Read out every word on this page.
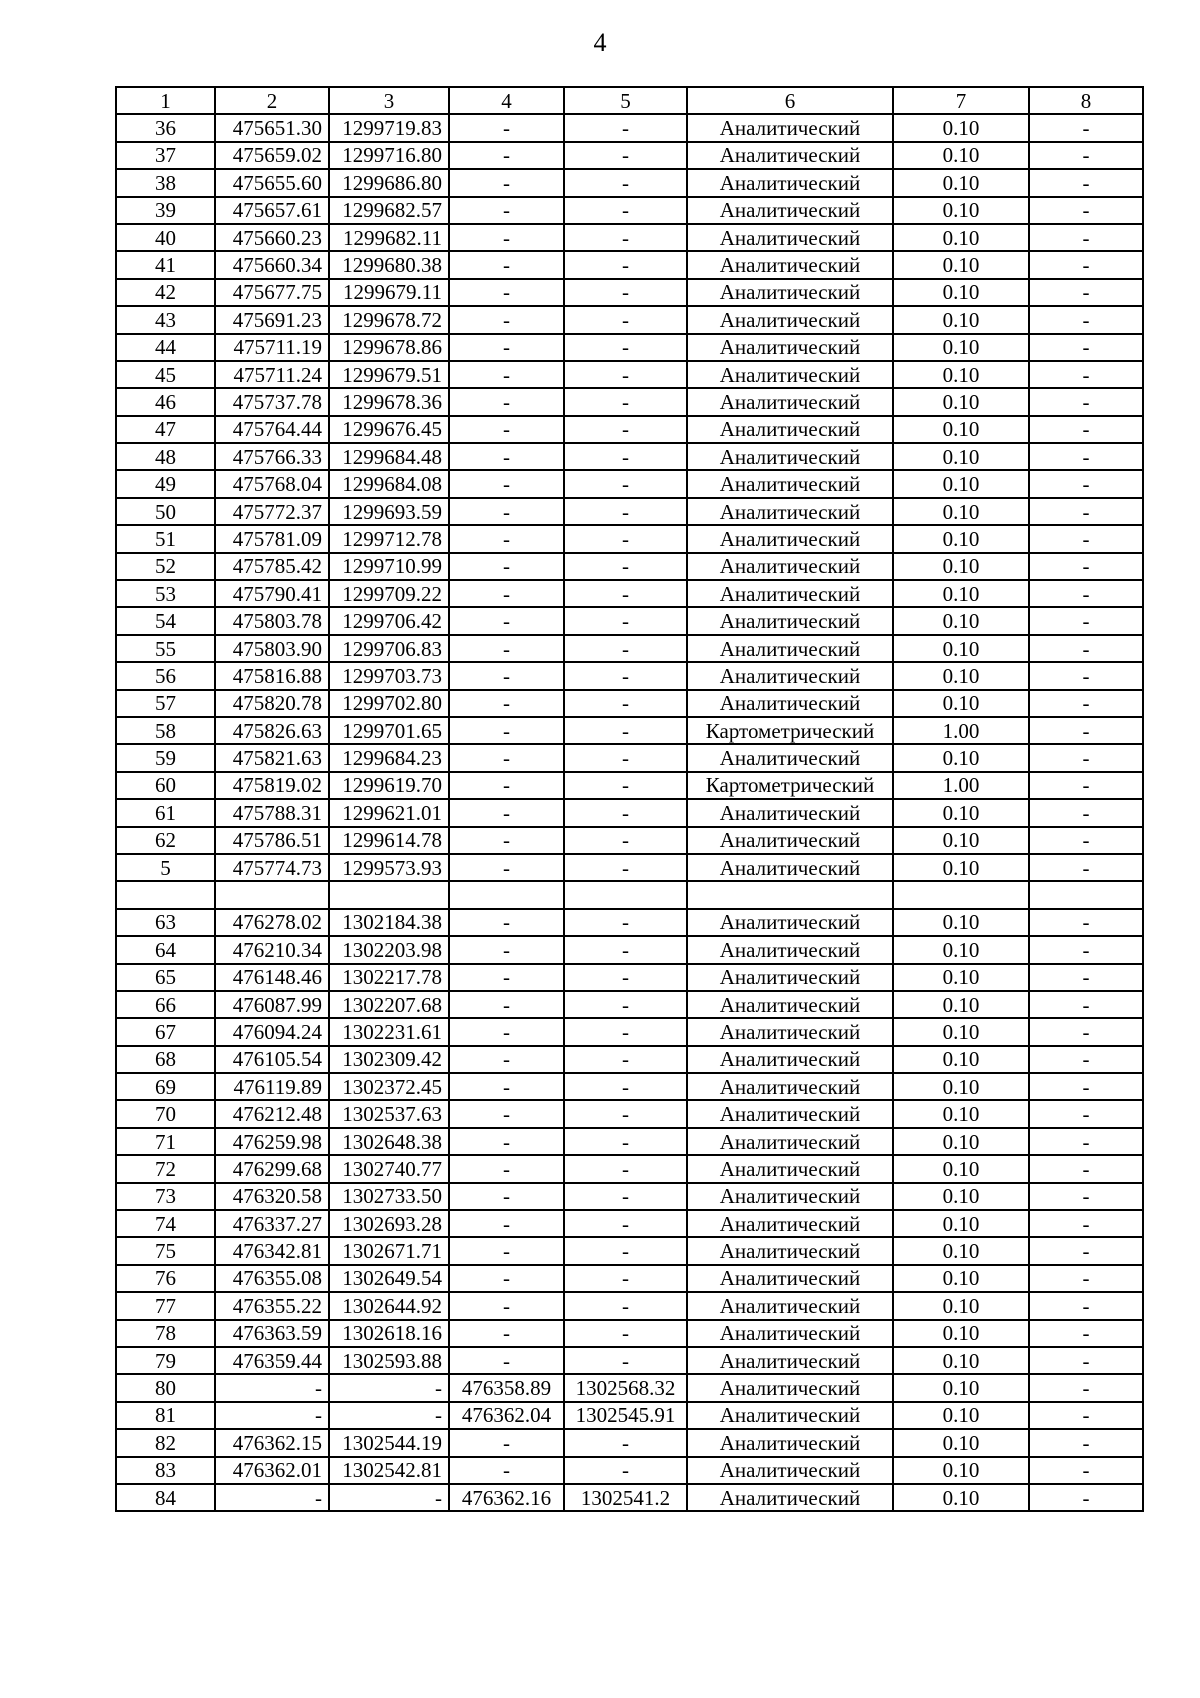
4
1	2	3	4	5	6	7	8
36	475651.30	1299719.83	-	-	Аналитический	0.10	-
37	475659.02	1299716.80	-	-	Аналитический	0.10	-
38	475655.60	1299686.80	-	-	Аналитический	0.10	-
39	475657.61	1299682.57	-	-	Аналитический	0.10	-
40	475660.23	1299682.11	-	-	Аналитический	0.10	-
41	475660.34	1299680.38	-	-	Аналитический	0.10	-
42	475677.75	1299679.11	-	-	Аналитический	0.10	-
43	475691.23	1299678.72	-	-	Аналитический	0.10	-
44	475711.19	1299678.86	-	-	Аналитический	0.10	-
45	475711.24	1299679.51	-	-	Аналитический	0.10	-
46	475737.78	1299678.36	-	-	Аналитический	0.10	-
47	475764.44	1299676.45	-	-	Аналитический	0.10	-
48	475766.33	1299684.48	-	-	Аналитический	0.10	-
49	475768.04	1299684.08	-	-	Аналитический	0.10	-
50	475772.37	1299693.59	-	-	Аналитический	0.10	-
51	475781.09	1299712.78	-	-	Аналитический	0.10	-
52	475785.42	1299710.99	-	-	Аналитический	0.10	-
53	475790.41	1299709.22	-	-	Аналитический	0.10	-
54	475803.78	1299706.42	-	-	Аналитический	0.10	-
55	475803.90	1299706.83	-	-	Аналитический	0.10	-
56	475816.88	1299703.73	-	-	Аналитический	0.10	-
57	475820.78	1299702.80	-	-	Аналитический	0.10	-
58	475826.63	1299701.65	-	-	Картометрический	1.00	-
59	475821.63	1299684.23	-	-	Аналитический	0.10	-
60	475819.02	1299619.70	-	-	Картометрический	1.00	-
61	475788.31	1299621.01	-	-	Аналитический	0.10	-
62	475786.51	1299614.78	-	-	Аналитический	0.10	-
5	475774.73	1299573.93	-	-	Аналитический	0.10	-

63	476278.02	1302184.38	-	-	Аналитический	0.10	-
64	476210.34	1302203.98	-	-	Аналитический	0.10	-
65	476148.46	1302217.78	-	-	Аналитический	0.10	-
66	476087.99	1302207.68	-	-	Аналитический	0.10	-
67	476094.24	1302231.61	-	-	Аналитический	0.10	-
68	476105.54	1302309.42	-	-	Аналитический	0.10	-
69	476119.89	1302372.45	-	-	Аналитический	0.10	-
70	476212.48	1302537.63	-	-	Аналитический	0.10	-
71	476259.98	1302648.38	-	-	Аналитический	0.10	-
72	476299.68	1302740.77	-	-	Аналитический	0.10	-
73	476320.58	1302733.50	-	-	Аналитический	0.10	-
74	476337.27	1302693.28	-	-	Аналитический	0.10	-
75	476342.81	1302671.71	-	-	Аналитический	0.10	-
76	476355.08	1302649.54	-	-	Аналитический	0.10	-
77	476355.22	1302644.92	-	-	Аналитический	0.10	-
78	476363.59	1302618.16	-	-	Аналитический	0.10	-
79	476359.44	1302593.88	-	-	Аналитический	0.10	-
80	-	-	476358.89	1302568.32	Аналитический	0.10	-
81	-	-	476362.04	1302545.91	Аналитический	0.10	-
82	476362.15	1302544.19	-	-	Аналитический	0.10	-
83	476362.01	1302542.81	-	-	Аналитический	0.10	-
84	-	-	476362.16	1302541.2	Аналитический	0.10	-
